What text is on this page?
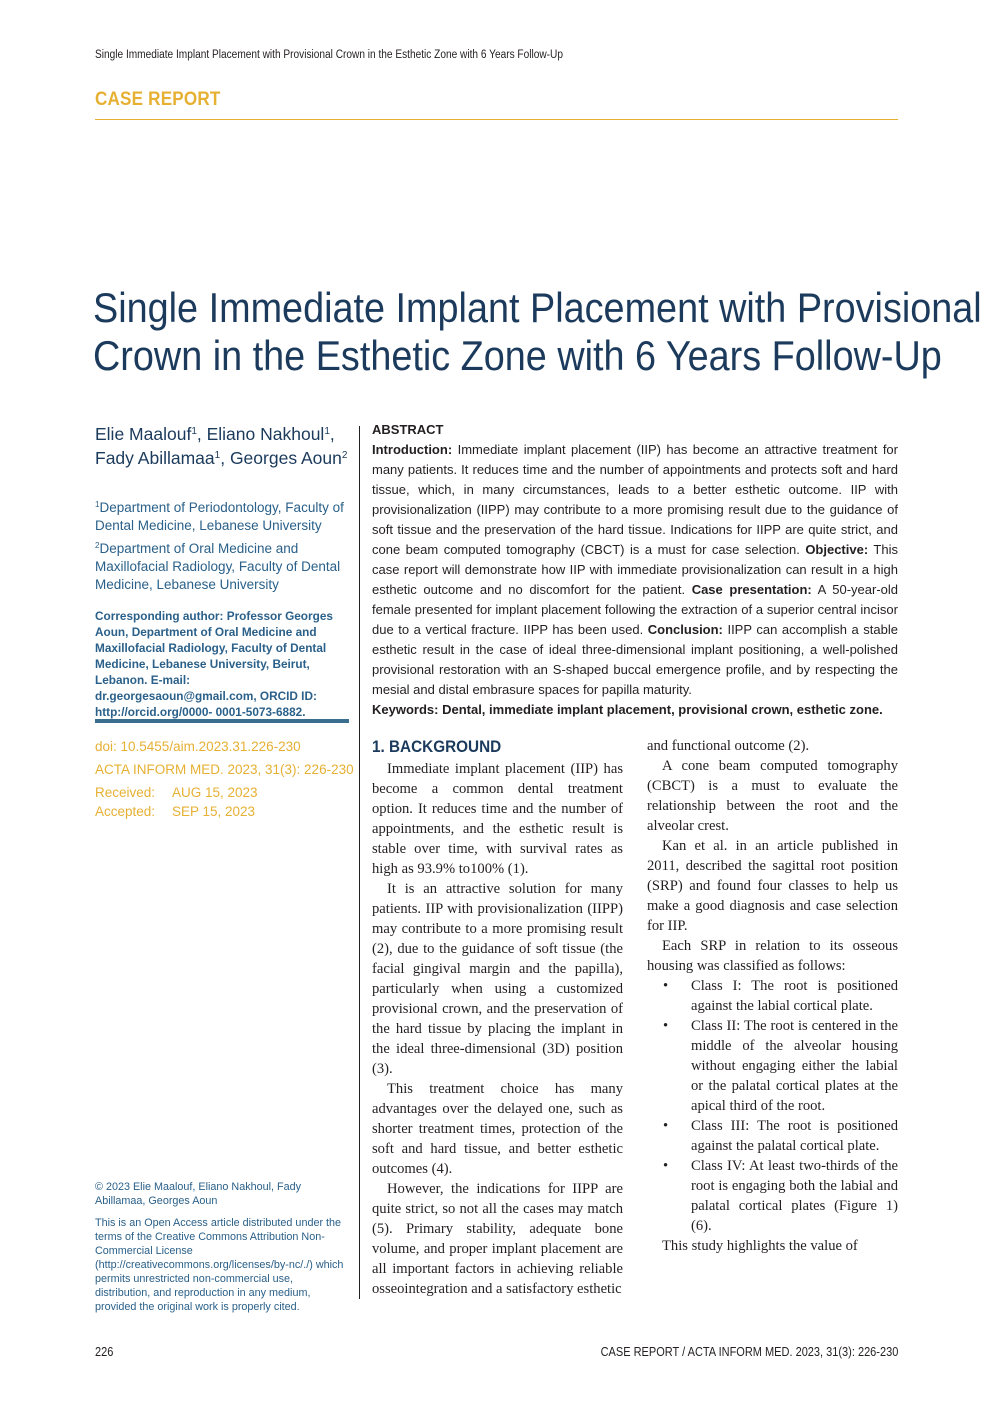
Single Immediate Implant Placement with Provisional Crown in the Esthetic Zone with 6 Years Follow-Up
CASE REPORT
Single Immediate Implant Placement with Provisional
Crown in the Esthetic Zone with 6 Years Follow-Up
Elie Maalouf$^1$, Eliano Nakhoul$^1$, Fady Abillamaa$^1$, Georges Aoun$^2$
$^1$Department of Periodontology, Faculty of Dental Medicine, Lebanese University
$^2$Department of Oral Medicine and Maxillofacial Radiology, Faculty of Dental Medicine, Lebanese University
Corresponding author: Professor Georges Aoun, Department of Oral Medicine and Maxillofacial Radiology, Faculty of Dental Medicine, Lebanese University, Beirut, Lebanon. E-mail: dr.georgesaoun@gmail.com, ORCID ID: http://orcid.org/0000- 0001-5073-6882.
doi: 10.5455/aim.2023.31.226-230
ACTA INFORM MED. 2023, 31(3): 226-230
Received: AUG 15, 2023
Accepted: SEP 15, 2023
© 2023 Elie Maalouf, Eliano Nakhoul, Fady Abillamaa, Georges Aoun
This is an Open Access article distributed under the terms of the Creative Commons Attribution Non-Commercial License (http://creativecommons.org/licenses/by-nc/./) which permits unrestricted non-commercial use, distribution, and reproduction in any medium, provided the original work is properly cited.
ABSTRACT
Introduction: Immediate implant placement (IIP) has become an attractive treatment for many patients. It reduces time and the number of appointments and protects soft and hard tissue, which, in many circumstances, leads to a better esthetic outcome. IIP with provisionalization (IIPP) may contribute to a more promising result due to the guidance of soft tissue and the preservation of the hard tissue. Indications for IIPP are quite strict, and cone beam computed tomography (CBCT) is a must for case selection. Objective: This case report will demonstrate how IIP with immediate provisionalization can result in a high esthetic outcome and no discomfort for the patient. Case presentation: A 50-year-old female presented for implant placement following the extraction of a superior central incisor due to a vertical fracture. IIPP has been used. Conclusion: IIPP can accomplish a stable esthetic result in the case of ideal three-dimensional implant positioning, a well-polished provisional restoration with an S-shaped buccal emergence profile, and by respecting the mesial and distal embrasure spaces for papilla maturity.
Keywords: Dental, immediate implant placement, provisional crown, esthetic zone.
1. BACKGROUND

Immediate implant placement (IIP) has become a common dental treatment option. It reduces time and the number of appointments, and the esthetic result is stable over time, with survival rates as high as 93.9% to100% (1).

It is an attractive solution for many patients. IIP with provisionalization (IIPP) may contribute to a more promising result (2), due to the guidance of soft tissue (the facial gingival margin and the papilla), particularly when using a customized provisional crown, and the preservation of the hard tissue by placing the implant in the ideal three-dimensional (3D) position (3).

This treatment choice has many advantages over the delayed one, such as shorter treatment times, protection of the soft and hard tissue, and better esthetic outcomes (4).

However, the indications for IIPP are quite strict, so not all the cases may match (5). Primary stability, adequate bone volume, and proper implant placement are all important factors in achieving reliable osseointegration and a satisfactory esthetic

and functional outcome (2).

A cone beam computed tomography (CBCT) is a must to evaluate the relationship between the root and the alveolar crest.

Kan et al. in an article published in 2011, described the sagittal root position (SRP) and found four classes to help us make a good diagnosis and case selection for IIP.

Each SRP in relation to its osseous housing was classified as follows:

• Class I: The root is positioned against the labial cortical plate.
• Class II: The root is centered in the middle of the alveolar housing without engaging either the labial or the palatal cortical plates at the apical third of the root.
• Class III: The root is positioned against the palatal cortical plate.
• Class IV: At least two-thirds of the root is engaging both the labial and palatal cortical plates (Figure 1) (6).

This study highlights the value of

226	CASE REPORT / ACTA INFORM MED. 2023, 31(3): 226-230
